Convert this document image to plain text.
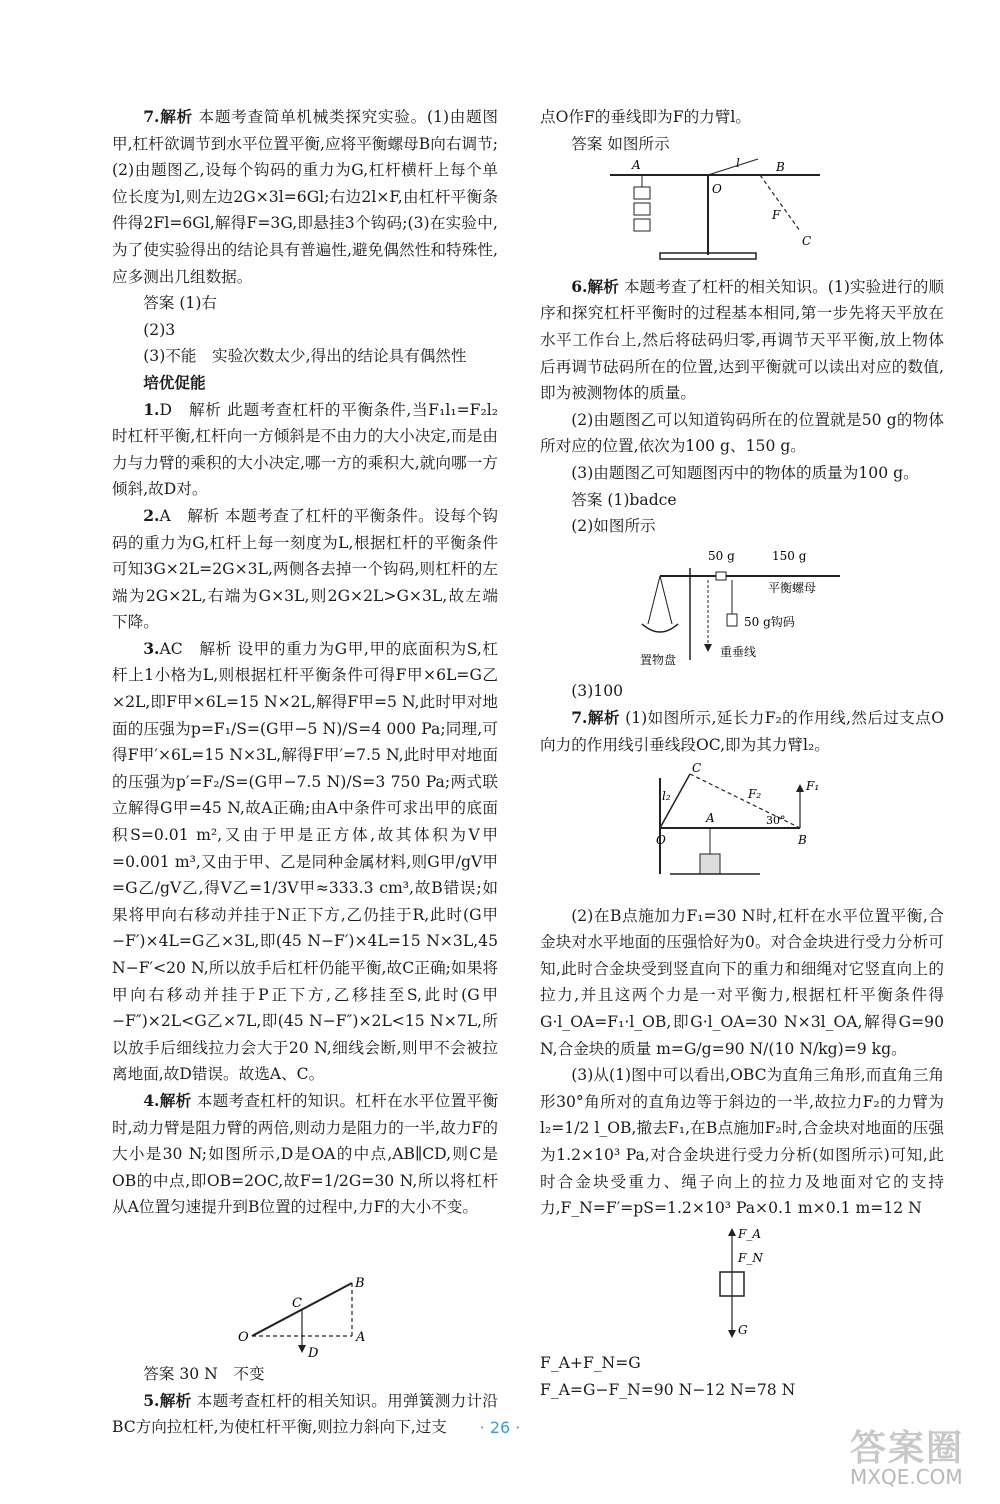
7.解析 本题考查简单机械类探究实验。(1)由题图甲,杠杆欲调节到水平位置平衡,应将平衡螺母B向右调节;(2)由题图乙,设每个钩码的重力为G,杠杆横杆上每个单位长度为l,则左边2G×3l=6Gl;右边2l×F,由杠杆平衡条件得2Fl=6Gl,解得F=3G,即悬挂3个钩码;(3)在实验中,为了使实验得出的结论具有普遍性,避免偶然性和特殊性,应多测出几组数据。

答案 (1)右

(2)3

(3)不能　实验次数太少,得出的结论具有偶然性

培优促能

1.D　解析 此题考查杠杆的平衡条件,当F₁l₁=F₂l₂时杠杆平衡,杠杆向一方倾斜是不由力的大小决定,而是由力与力臂的乘积的大小决定,哪一方的乘积大,就向哪一方倾斜,故D对。

2.A　解析 本题考查了杠杆的平衡条件。设每个钩码的重力为G,杠杆上每一刻度为L,根据杠杆的平衡条件可知3G×2L=2G×3L,两侧各去掉一个钩码,则杠杆的左端为2G×2L,右端为G×3L,则2G×2L>G×3L,故左端下降。

3.AC　解析 设甲的重力为G甲,甲的底面积为S,杠杆上1小格为L,则根据杠杆平衡条件可得F甲×6L=G乙×2L,即F甲×6L=15 N×2L,解得F甲=5 N,此时甲对地面的压强为p=F₁/S=(G甲−5 N)/S=4 000 Pa;同理,可得F甲′×6L=15 N×3L,解得F甲′=7.5 N,此时甲对地面的压强为p′=F₂/S=(G甲−7.5 N)/S=3 750 Pa;两式联立解得G甲=45 N,故A正确;由A中条件可求出甲的底面积S=0.01 m²,又由于甲是正方体,故其体积为V甲=0.001 m³,又由于甲、乙是同种金属材料,则G甲/gV甲=G乙/gV乙,得V乙=1/3V甲≈333.3 cm³,故B错误;如果将甲向右移动并挂于N正下方,乙仍挂于R,此时(G甲−F′)×4L=G乙×3L,即(45 N−F′)×4L=15 N×3L,45 N−F′<20 N,所以放手后杠杆仍能平衡,故C正确;如果将甲向右移动并挂于P正下方,乙移挂至S,此时(G甲−F″)×2L<G乙×7L,即(45 N−F″)×2L<15 N×7L,所以放手后细线拉力会大于20 N,细线会断,则甲不会被拉离地面,故D错误。故选A、C。

4.解析 本题考查杠杆的知识。杠杆在水平位置平衡时,动力臂是阻力臂的两倍,则动力是阻力的一半,故力F的大小是30 N;如图所示,D是OA的中点,AB∥CD,则C是OB的中点,即OB=2OC,故F=1/2G=30 N,所以将杠杆从A位置匀速提升到B位置的过程中,力F的大小不变。

B
C
O	A
D

答案 30 N　不变

5.解析 本题考查杠杆的相关知识。用弹簧测力计沿BC方向拉杠杆,为使杠杆平衡,则拉力斜向下,过支

点O作F的垂线即为F的力臂l。

答案 如图所示

A	l	B
O
F
C

6.解析 本题考查了杠杆的相关知识。(1)实验进行的顺序和探究杠杆平衡时的过程基本相同,第一步先将天平放在水平工作台上,然后将砝码归零,再调节天平平衡,放上物体后再调节砝码所在的位置,达到平衡就可以读出对应的数值,即为被测物体的质量。

(2)由题图乙可以知道钩码所在的位置就是50 g的物体所对应的位置,依次为100 g、150 g。

(3)由题图乙可知题图丙中的物体的质量为100 g。

答案 (1)badce

(2)如图所示

50 g	150 g
平衡螺母
50 g钩码
置物盘
重垂线

(3)100

7.解析 (1)如图所示,延长力F₂的作用线,然后过支点O向力的作用线引垂线段OC,即为其力臂l₂。

C
l₂	F₂
F₁
30°
A
O	B

(2)在B点施加力F₁=30 N时,杠杆在水平位置平衡,合金块对水平地面的压强恰好为0。对合金块进行受力分析可知,此时合金块受到竖直向下的重力和细绳对它竖直向上的拉力,并且这两个力是一对平衡力,根据杠杆平衡条件得G·l_OA=F₁·l_OB,即G·l_OA=30 N×3l_OA,解得G=90 N,合金块的质量 m=G/g=90 N/(10 N/kg)=9 kg。

(3)从(1)图中可以看出,OBC为直角三角形,而直角三角形30°角所对的直角边等于斜边的一半,故拉力F₂的力臂为l₂=1/2 l_OB,撤去F₁,在B点施加F₂时,合金块对地面的压强为1.2×10³ Pa,对合金块进行受力分析(如图所示)可知,此时合金块受重力、绳子向上的拉力及地面对它的支持力,F_N=F′=pS=1.2×10³ Pa×0.1 m×0.1 m=12 N

F_A
F_N
G

F_A+F_N=G

F_A=G−F_N=90 N−12 N=78 N

· 26 ·
答案圈
MXQE.COM
